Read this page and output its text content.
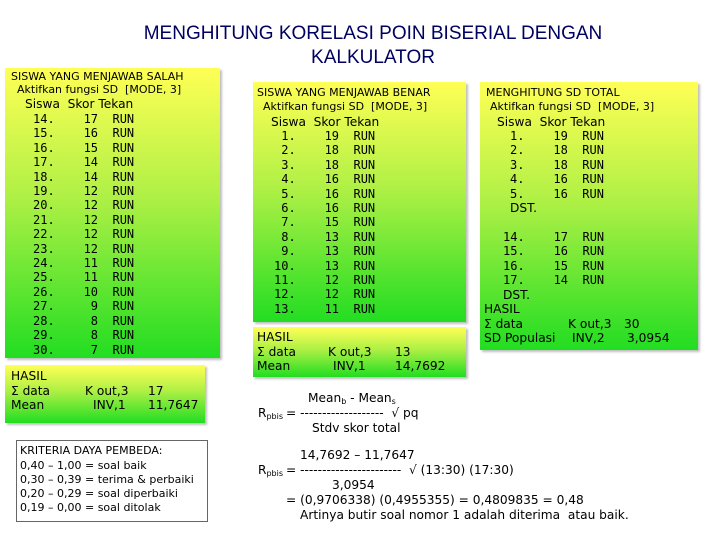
MENGHITUNG KORELASI POIN BISERIAL DENGAN
KALKULATOR
SISWA YANG MENJAWAB SALAH
Aktifkan fungsi SD  [MODE, 3]
Siswa  Skor Tekan
14.    17  RUN
15.    16  RUN
16.    15  RUN
17.    14  RUN
18.    14  RUN
19.    12  RUN
20.    12  RUN
21.    12  RUN
22.    12  RUN
23.    12  RUN
24.    11  RUN
25.    11  RUN
26.    10  RUN
27.     9  RUN
28.     8  RUN
29.     8  RUN
30.     7  RUN
HASIL
Σ data	K out,3 17
Mean	INV,1 11,7647
KRITERIA DAYA PEMBEDA:
0,40 – 1,00 = soal baik
0,30 – 0,39 = terima & perbaiki
0,20 – 0,29 = soal diperbaiki
0,19 – 0,00 = soal ditolak
SISWA YANG MENJAWAB BENAR
Aktifkan fungsi SD  [MODE, 3]
Siswa  Skor Tekan
1.    19  RUN
2.    18  RUN
3.    18  RUN
4.    16  RUN
5.    16  RUN
6.    16  RUN
7.    15  RUN
8.    13  RUN
9.    13  RUN
10.    13  RUN
11.    12  RUN
12.    12  RUN
13.    11  RUN
HASIL
Σ data	K out,3 13
Mean	INV,1 14,7692
MENGHITUNG SD TOTAL
Aktifkan fungsi SD  [MODE, 3]
Siswa  Skor Tekan
1.    19  RUN
2.    18  RUN
3.    18  RUN
4.    16  RUN
5.    16  RUN
DST.
14.    17  RUN
15.    16  RUN
16.    15  RUN
17.    14  RUN
DST.
HASIL
Σ data	K out,3 30
SD Populasi INV,2 3,0954
Mean$_b$ - Mean$_s$
$R_{pbis}$ = -------------------  √ pq
Stdv skor total
14,7692 – 11,7647
$R_{pbis}$ = -----------------------  √ (13:30) (17:30)
3,0954
= (0,9706338) (0,4955355) = 0,4809835 = 0,48
Artinya butir soal nomor 1 adalah diterima  atau baik.
